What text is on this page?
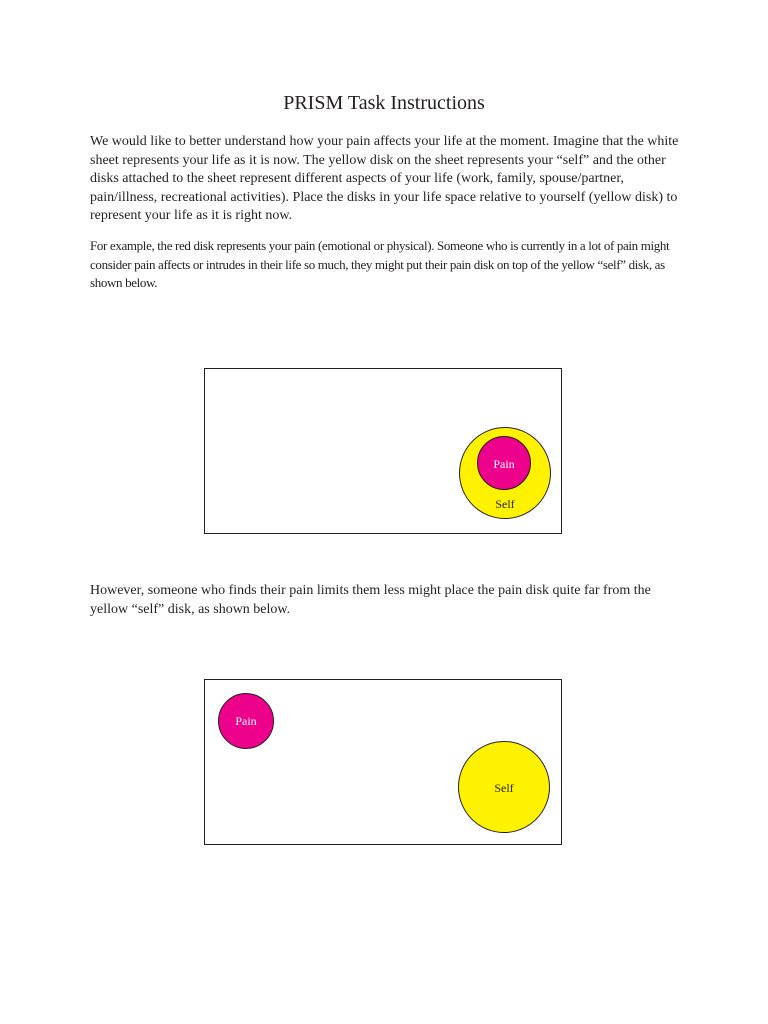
PRISM Task Instructions

We would like to better understand how your pain affects your life at the moment. Imagine that the white sheet represents your life as it is now. The yellow disk on the sheet represents your “self” and the other disks attached to the sheet represent different aspects of your life (work, family, spouse/partner, pain/illness, recreational activities). Place the disks in your life space relative to yourself (yellow disk) to represent your life as it is right now.

For example, the red disk represents your pain (emotional or physical). Someone who is currently in a lot of pain might consider pain affects or intrudes in their life so much, they might put their pain disk on top of the yellow “self” disk, as shown below.

Self
Pain

However, someone who finds their pain limits them less might place the pain disk quite far from the yellow “self” disk, as shown below.

Pain
Self
